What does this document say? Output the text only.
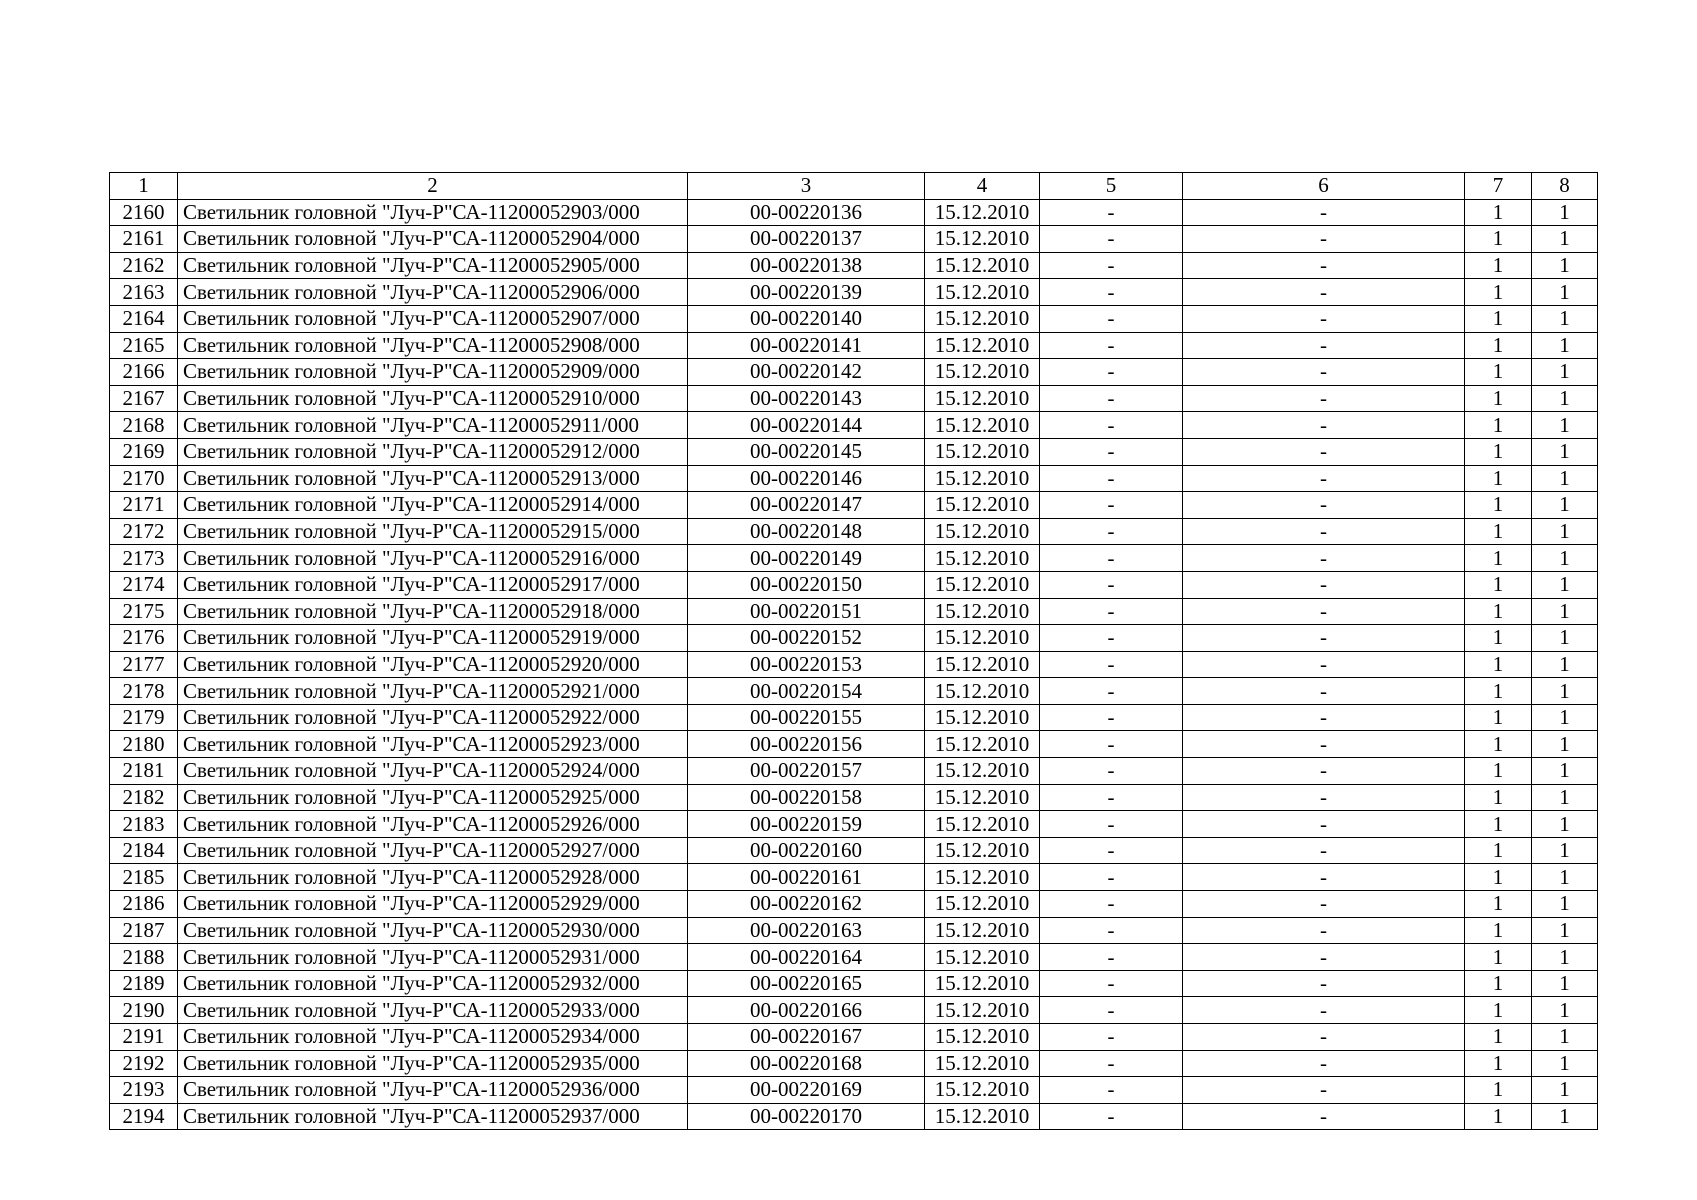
1	2	3	4	5	6	7	8
2160	Светильник головной "Луч-Р"СА-11200052903/000	00-00220136	15.12.2010	-	-	1	1
2161	Светильник головной "Луч-Р"СА-11200052904/000	00-00220137	15.12.2010	-	-	1	1
2162	Светильник головной "Луч-Р"СА-11200052905/000	00-00220138	15.12.2010	-	-	1	1
2163	Светильник головной "Луч-Р"СА-11200052906/000	00-00220139	15.12.2010	-	-	1	1
2164	Светильник головной "Луч-Р"СА-11200052907/000	00-00220140	15.12.2010	-	-	1	1
2165	Светильник головной "Луч-Р"СА-11200052908/000	00-00220141	15.12.2010	-	-	1	1
2166	Светильник головной "Луч-Р"СА-11200052909/000	00-00220142	15.12.2010	-	-	1	1
2167	Светильник головной "Луч-Р"СА-11200052910/000	00-00220143	15.12.2010	-	-	1	1
2168	Светильник головной "Луч-Р"СА-11200052911/000	00-00220144	15.12.2010	-	-	1	1
2169	Светильник головной "Луч-Р"СА-11200052912/000	00-00220145	15.12.2010	-	-	1	1
2170	Светильник головной "Луч-Р"СА-11200052913/000	00-00220146	15.12.2010	-	-	1	1
2171	Светильник головной "Луч-Р"СА-11200052914/000	00-00220147	15.12.2010	-	-	1	1
2172	Светильник головной "Луч-Р"СА-11200052915/000	00-00220148	15.12.2010	-	-	1	1
2173	Светильник головной "Луч-Р"СА-11200052916/000	00-00220149	15.12.2010	-	-	1	1
2174	Светильник головной "Луч-Р"СА-11200052917/000	00-00220150	15.12.2010	-	-	1	1
2175	Светильник головной "Луч-Р"СА-11200052918/000	00-00220151	15.12.2010	-	-	1	1
2176	Светильник головной "Луч-Р"СА-11200052919/000	00-00220152	15.12.2010	-	-	1	1
2177	Светильник головной "Луч-Р"СА-11200052920/000	00-00220153	15.12.2010	-	-	1	1
2178	Светильник головной "Луч-Р"СА-11200052921/000	00-00220154	15.12.2010	-	-	1	1
2179	Светильник головной "Луч-Р"СА-11200052922/000	00-00220155	15.12.2010	-	-	1	1
2180	Светильник головной "Луч-Р"СА-11200052923/000	00-00220156	15.12.2010	-	-	1	1
2181	Светильник головной "Луч-Р"СА-11200052924/000	00-00220157	15.12.2010	-	-	1	1
2182	Светильник головной "Луч-Р"СА-11200052925/000	00-00220158	15.12.2010	-	-	1	1
2183	Светильник головной "Луч-Р"СА-11200052926/000	00-00220159	15.12.2010	-	-	1	1
2184	Светильник головной "Луч-Р"СА-11200052927/000	00-00220160	15.12.2010	-	-	1	1
2185	Светильник головной "Луч-Р"СА-11200052928/000	00-00220161	15.12.2010	-	-	1	1
2186	Светильник головной "Луч-Р"СА-11200052929/000	00-00220162	15.12.2010	-	-	1	1
2187	Светильник головной "Луч-Р"СА-11200052930/000	00-00220163	15.12.2010	-	-	1	1
2188	Светильник головной "Луч-Р"СА-11200052931/000	00-00220164	15.12.2010	-	-	1	1
2189	Светильник головной "Луч-Р"СА-11200052932/000	00-00220165	15.12.2010	-	-	1	1
2190	Светильник головной "Луч-Р"СА-11200052933/000	00-00220166	15.12.2010	-	-	1	1
2191	Светильник головной "Луч-Р"СА-11200052934/000	00-00220167	15.12.2010	-	-	1	1
2192	Светильник головной "Луч-Р"СА-11200052935/000	00-00220168	15.12.2010	-	-	1	1
2193	Светильник головной "Луч-Р"СА-11200052936/000	00-00220169	15.12.2010	-	-	1	1
2194	Светильник головной "Луч-Р"СА-11200052937/000	00-00220170	15.12.2010	-	-	1	1
